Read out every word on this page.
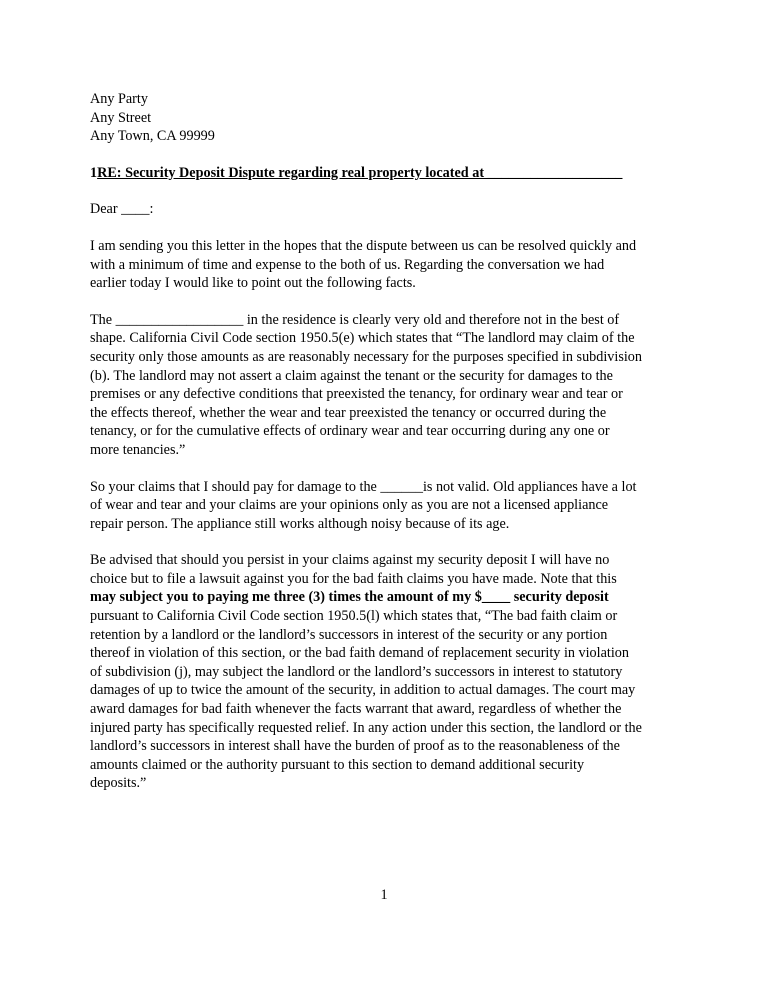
Any Party
Any Street
Any Town, CA 99999
1RE: Security Deposit Dispute regarding real property located at ___________________
Dear ____:
I am sending you this letter in the hopes that the dispute between us can be resolved quickly and
with a minimum of time and expense to the both of us. Regarding the conversation we had
earlier today I would like to point out the following facts.
The __________________ in the residence is clearly very old and therefore not in the best of
shape. California Civil Code section 1950.5(e) which states that “The landlord may claim of the
security only those amounts as are reasonably necessary for the purposes specified in subdivision
(b). The landlord may not assert a claim against the tenant or the security for damages to the
premises or any defective conditions that preexisted the tenancy, for ordinary wear and tear or
the effects thereof, whether the wear and tear preexisted the tenancy or occurred during the
tenancy, or for the cumulative effects of ordinary wear and tear occurring during any one or
more tenancies.”
So your claims that I should pay for damage to the ______is not valid. Old appliances have a lot
of wear and tear and your claims are your opinions only as you are not a licensed appliance
repair person. The appliance still works although noisy because of its age.
Be advised that should you persist in your claims against my security deposit I will have no
choice but to file a lawsuit against you for the bad faith claims you have made. Note that this
may subject you to paying me three (3) times the amount of my $____ security deposit
pursuant to California Civil Code section 1950.5(l) which states that, “The bad faith claim or
retention by a landlord or the landlord’s successors in interest of the security or any portion
thereof in violation of this section, or the bad faith demand of replacement security in violation
of subdivision (j), may subject the landlord or the landlord’s successors in interest to statutory
damages of up to twice the amount of the security, in addition to actual damages. The court may
award damages for bad faith whenever the facts warrant that award, regardless of whether the
injured party has specifically requested relief. In any action under this section, the landlord or the
landlord’s successors in interest shall have the burden of proof as to the reasonableness of the
amounts claimed or the authority pursuant to this section to demand additional security
deposits.”
1
